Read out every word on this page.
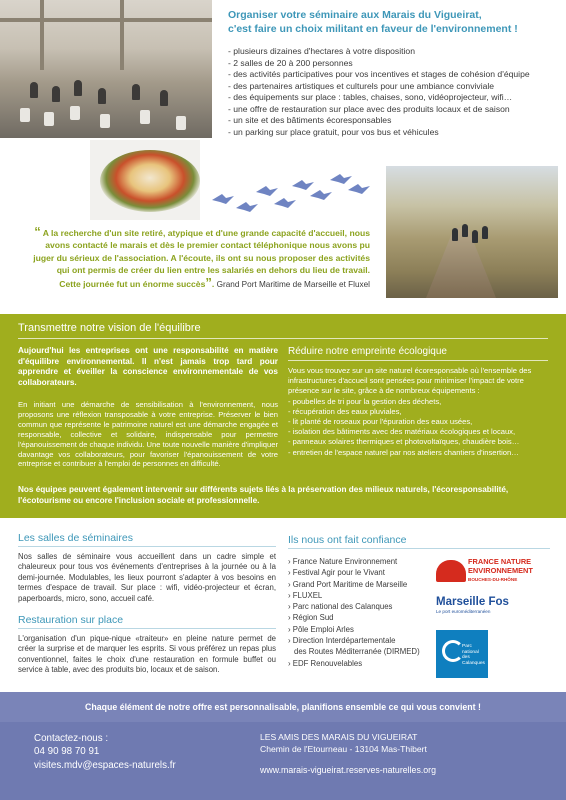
Organiser votre séminaire aux Marais du Vigueirat,
c'est faire un choix militant en faveur de l'environnement !
- plusieurs dizaines d'hectares à votre disposition
- 2 salles de 20 à 200 personnes
- des activités participatives pour vos incentives et stages de cohésion d'équipe
- des partenaires artistiques et culturels pour une ambiance conviviale
- des équipements sur place : tables, chaises, sono, vidéoprojecteur, wifi…
- une offre de restauration sur place avec des produits locaux et de saison
- un site et des bâtiments écoresponsables
- un parking sur place gratuit, pour vos bus et véhicules

“ A la recherche d'un site retiré, atypique et d'une grande capacité d'accueil, nous
avons contacté le marais et dès le premier contact téléphonique nous avons pu
juger du sérieux de l'association. A l'écoute, ils ont su nous proposer des activités
qui ont permis de créer du lien entre les salariés en dehors du lieu de travail.
Cette journée fut un énorme succès”. Grand Port Maritime de Marseille et Fluxel

Transmettre notre vision de l'équilibre
Aujourd'hui les entreprises ont une responsabilité en matière d'équilibre environnemental. Il n'est jamais trop tard pour apprendre et éveiller la conscience environnementale de vos collaborateurs.
En initiant une démarche de sensibilisation à l'environnement, nous proposons une réflexion transposable à votre entreprise. Préserver le bien commun que représente le patrimoine naturel est une démarche engagée et responsable, collective et solidaire, indispensable pour permettre l'épanouissement de chaque individu. Une toute nouvelle manière d'impliquer davantage vos collaborateurs, pour favoriser l'épanouissement de votre entreprise et contribuer à l'emploi de personnes en difficulté.
Réduire notre empreinte écologique
Vous vous trouvez sur un site naturel écoresponsable où l'ensemble des infrastructures d'accueil sont pensées pour minimiser l'impact de votre présence sur le site, grâce à de nombreux équipements :
- poubelles de tri pour la gestion des déchets,
- récupération des eaux pluviales,
- lit planté de roseaux pour l'épuration des eaux usées,
- isolation des bâtiments avec des matériaux écologiques et locaux,
- panneaux solaires thermiques et photovoltaïques, chaudière bois…
- entretien de l'espace naturel par nos ateliers chantiers d'insertion…
Nos équipes peuvent également intervenir sur différents sujets liés à la préservation des milieux naturels, l'écoresponsabilité, l'écotourisme ou encore l'inclusion sociale et professionnelle.
Les salles de séminaires
Nos salles de séminaire vous accueillent dans un cadre simple et chaleureux pour tous vos événements d'entreprises à la journée ou à la demi-journée. Modulables, les lieux pourront s'adapter à vos besoins en termes d'espace de travail. Sur place : wifi, vidéo-projecteur et écran, paperboards, micro, sono, accueil café.
Restauration sur place
L'organisation d'un pique-nique «traiteur» en pleine nature permet de créer la surprise et de marquer les esprits. Si vous préférez un repas plus conventionnel, faites le choix d'une restauration en formule buffet ou service à table, avec des produits bio, locaux et de saison.
Ils nous ont fait confiance
› France Nature Environnement
› Festival Agir pour le Vivant
› Grand Port Maritime de Marseille
› FLUXEL
› Parc national des Calanques
› Région Sud
› Pôle Emploi Arles
› Direction Interdépartementale
des Routes Méditerranée (DIRMED)
› EDF Renouvelables
FRANCE NATURE
ENVIRONNEMENT
BOUCHES-DU-RHÔNE
Marseille Fos
Le port euroméditerranéen
Parc national
des Calanques
Chaque élément de notre offre est personnalisable, planifions ensemble ce qui vous convient !
Contactez-nous :
04 90 98 70 91
visites.mdv@espaces-naturels.fr
LES AMIS DES MARAIS DU VIGUEIRAT
Chemin de l'Etourneau - 13104 Mas-Thibert
www.marais-vigueirat.reserves-naturelles.org
